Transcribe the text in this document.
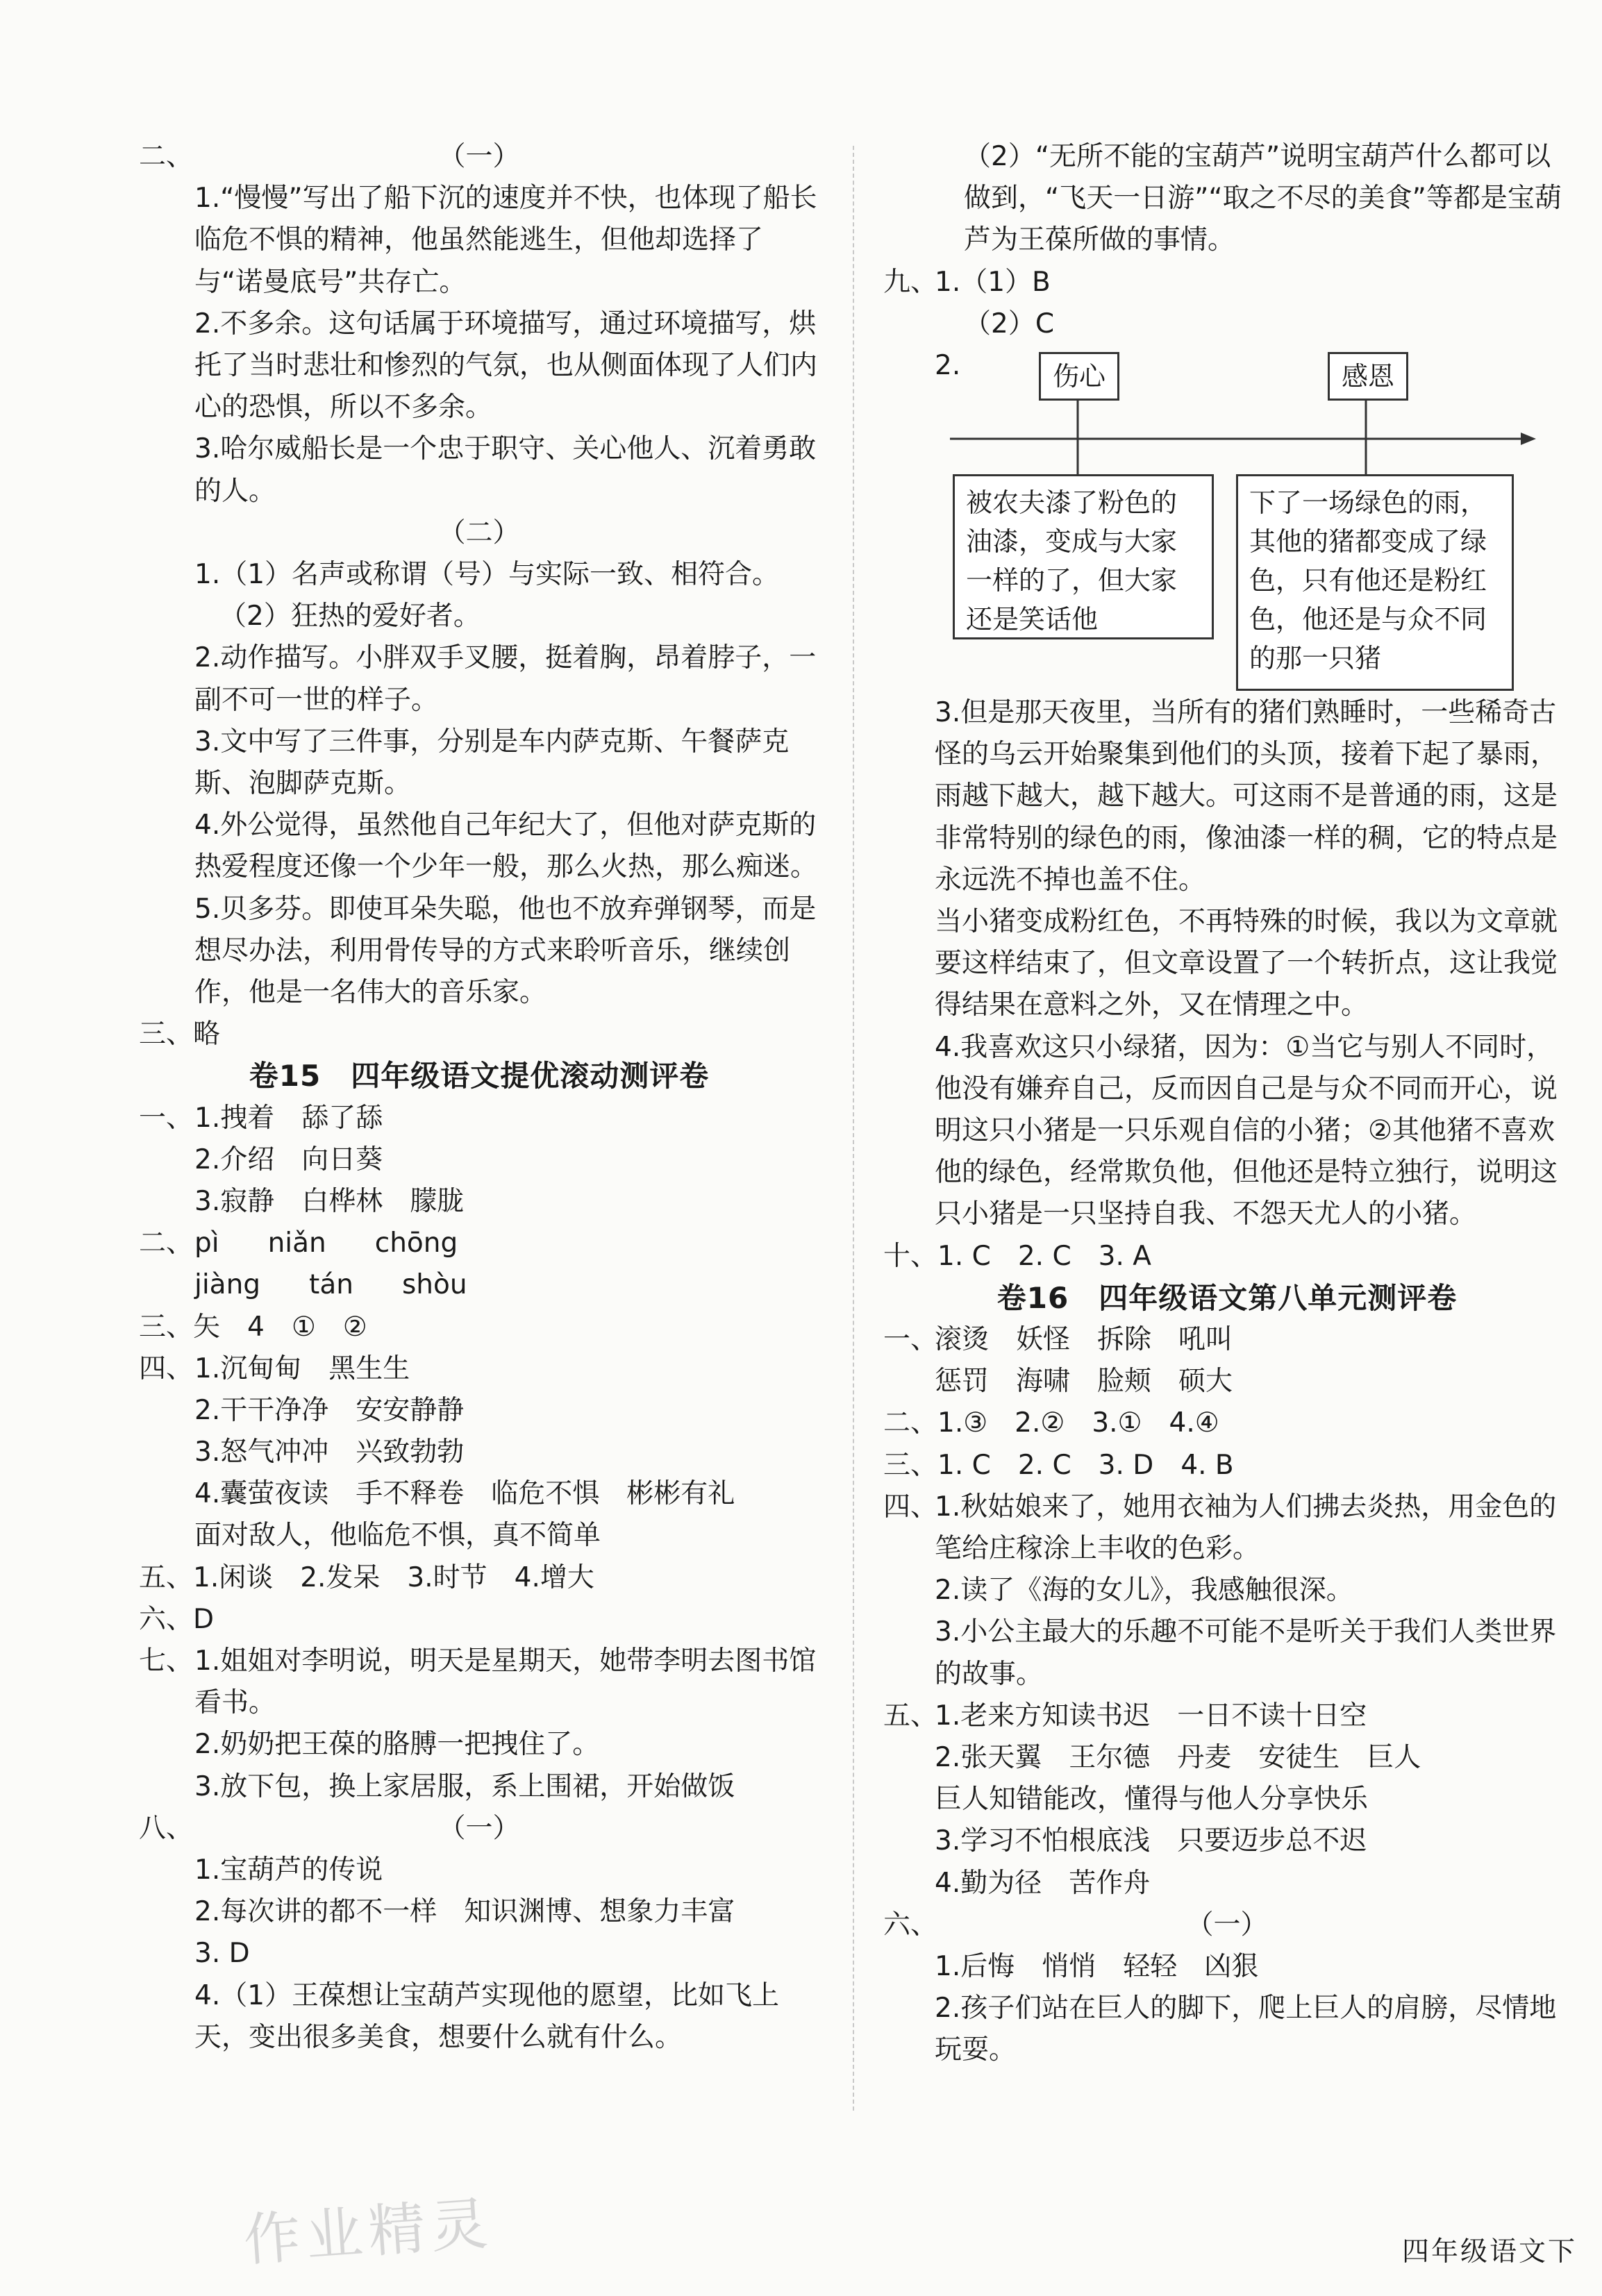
二、	（一）
1.“慢慢”写出了船下沉的速度并不快，也体现了船长临危不惧的精神，他虽然能逃生，但他却选择了与“诺曼底号”共存亡。
2.不多余。这句话属于环境描写，通过环境描写，烘托了当时悲壮和惨烈的气氛，也从侧面体现了人们内心的恐惧，所以不多余。
3.哈尔威船长是一个忠于职守、关心他人、沉着勇敢的人。
（二）
1.（1）名声或称谓（号）与实际一致、相符合。
（2）狂热的爱好者。
2.动作描写。小胖双手叉腰，挺着胸，昂着脖子，一副不可一世的样子。
3.文中写了三件事，分别是车内萨克斯、午餐萨克斯、泡脚萨克斯。
4.外公觉得，虽然他自己年纪大了，但他对萨克斯的热爱程度还像一个少年一般，那么火热，那么痴迷。
5.贝多芬。即使耳朵失聪，他也不放弃弹钢琴，而是想尽办法，利用骨传导的方式来聆听音乐，继续创作，他是一名伟大的音乐家。
三、略
卷15　四年级语文提优滚动测评卷
一、 1.拽着　舔了舔
2.介绍　向日葵
3.寂静　白桦林　朦胧
二、 pì niǎn chōng
jiàng tán shòu
三、矢　4　①　②
四、 1.沉甸甸　黑生生
2.干干净净　安安静静
3.怒气冲冲　兴致勃勃
4.囊萤夜读　手不释卷　临危不惧　彬彬有礼
面对敌人，他临危不惧，真不简单
五、1.闲谈　2.发呆　3.时节　4.增大
六、D
七、 1.姐姐对李明说，明天是星期天，她带李明去图书馆看书。
2.奶奶把王葆的胳膊一把拽住了。
3.放下包，换上家居服，系上围裙，开始做饭
八、	（一）
1.宝葫芦的传说
2.每次讲的都不一样　知识渊博、想象力丰富
3. D
4.（1）王葆想让宝葫芦实现他的愿望，比如飞上天，变出很多美食，想要什么就有什么。
（2）“无所不能的宝葫芦”说明宝葫芦什么都可以做到，“飞天一日游”“取之不尽的美食”等都是宝葫芦为王葆所做的事情。
九、
1.（1）B
（2）C
2.	伤心	感恩
被农夫漆了粉色的油漆，变成与大家一样的了，但大家还是笑话他
下了一场绿色的雨，其他的猪都变成了绿色，只有他还是粉红色，他还是与众不同的那一只猪
3.但是那天夜里，当所有的猪们熟睡时，一些稀奇古怪的乌云开始聚集到他们的头顶，接着下起了暴雨，雨越下越大，越下越大。可这雨不是普通的雨，这是非常特别的绿色的雨，像油漆一样的稠，它的特点是永远洗不掉也盖不住。
当小猪变成粉红色，不再特殊的时候，我以为文章就要这样结束了，但文章设置了一个转折点，这让我觉得结果在意料之外，又在情理之中。
4.我喜欢这只小绿猪，因为：①当它与别人不同时，他没有嫌弃自己，反而因自己是与众不同而开心，说明这只小猪是一只乐观自信的小猪；②其他猪不喜欢他的绿色，经常欺负他，但他还是特立独行，说明这只小猪是一只坚持自我、不怨天尤人的小猪。
十、1. C　2. C　3. A
卷16　四年级语文第八单元测评卷
一、
滚烫　妖怪　拆除　吼叫
惩罚　海啸　脸颊　硕大
二、1.③　2.②　3.①　4.④
三、1. C　2. C　3. D　4. B
四、
1.秋姑娘来了，她用衣袖为人们拂去炎热，用金色的笔给庄稼涂上丰收的色彩。
2.读了《海的女儿》，我感触很深。
3.小公主最大的乐趣不可能不是听关于我们人类世界的故事。
五、
1.老来方知读书迟　一日不读十日空
2.张天翼　王尔德　丹麦　安徒生　巨人
巨人知错能改，懂得与他人分享快乐
3.学习不怕根底浅　只要迈步总不迟
4.勤为径　苦作舟
六、	（一）
1.后悔　悄悄　轻轻　凶狠
2.孩子们站在巨人的脚下，爬上巨人的肩膀，尽情地玩耍。
作业精灵	四年级语文下
